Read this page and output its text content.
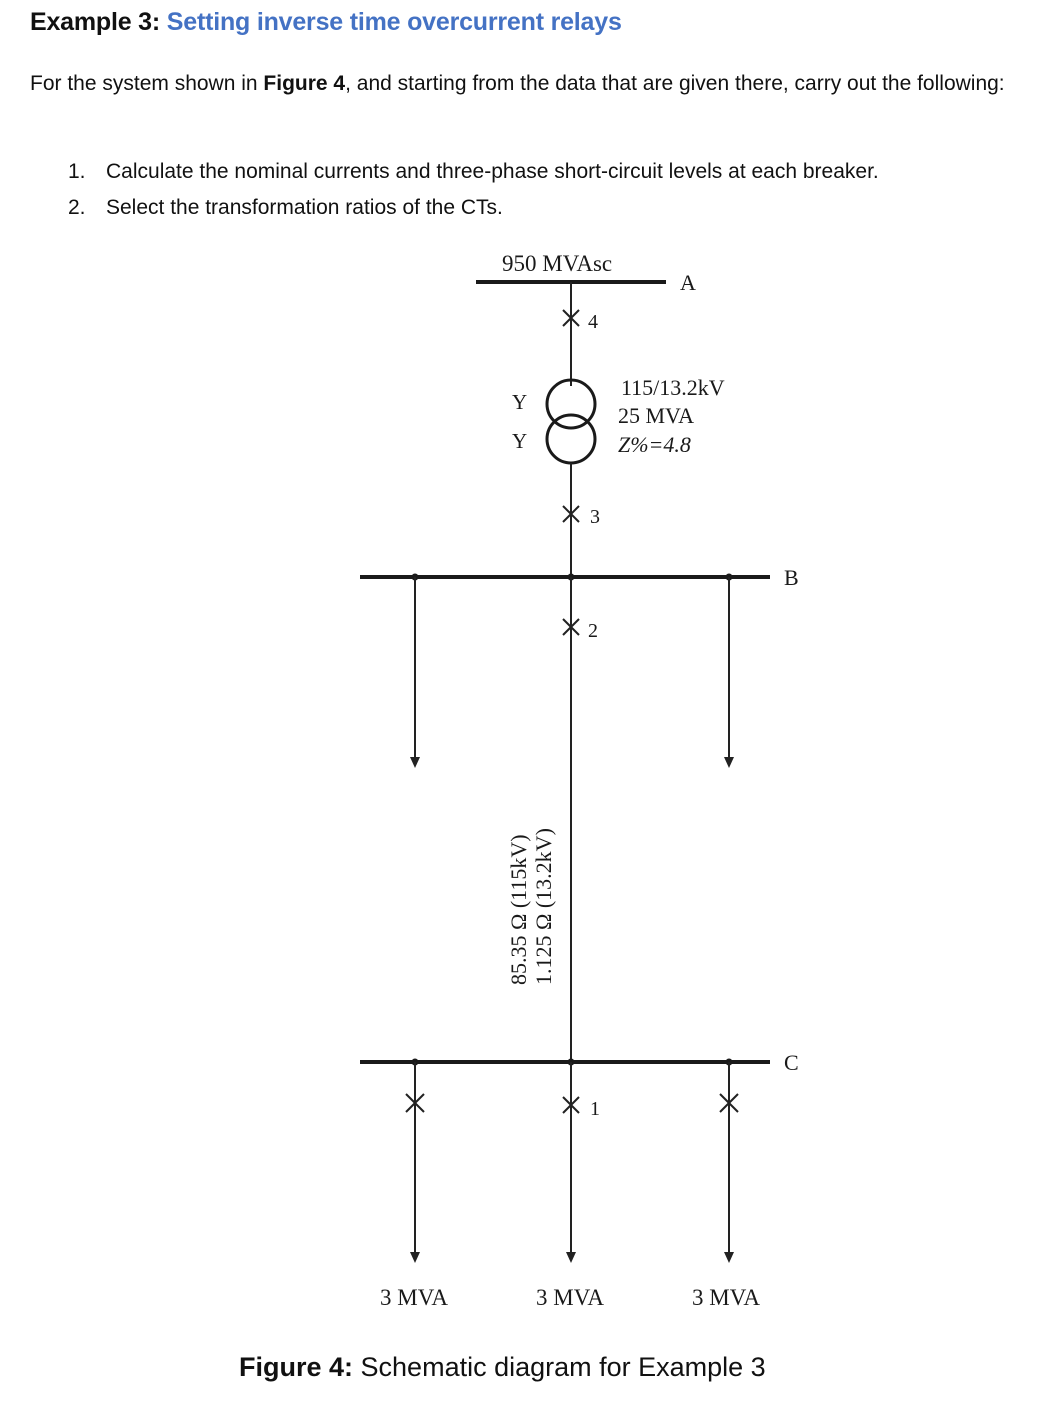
Example 3: Setting inverse time overcurrent relays
For the system shown in Figure 4, and starting from the data that are given there, carry out the following:
1. Calculate the nominal currents and three-phase short-circuit levels at each breaker.
2. Select the transformation ratios of the CTs.
950 MVAsc
A
4
Y
Y
115/13.2kV
25 MVA
Z%=4.8
3
B
2
85.35 Ω (115kV) 1.125 Ω (13.2kV)
C
1
3 MVA	3 MVA	3 MVA
Figure 4: Schematic diagram for Example 3
